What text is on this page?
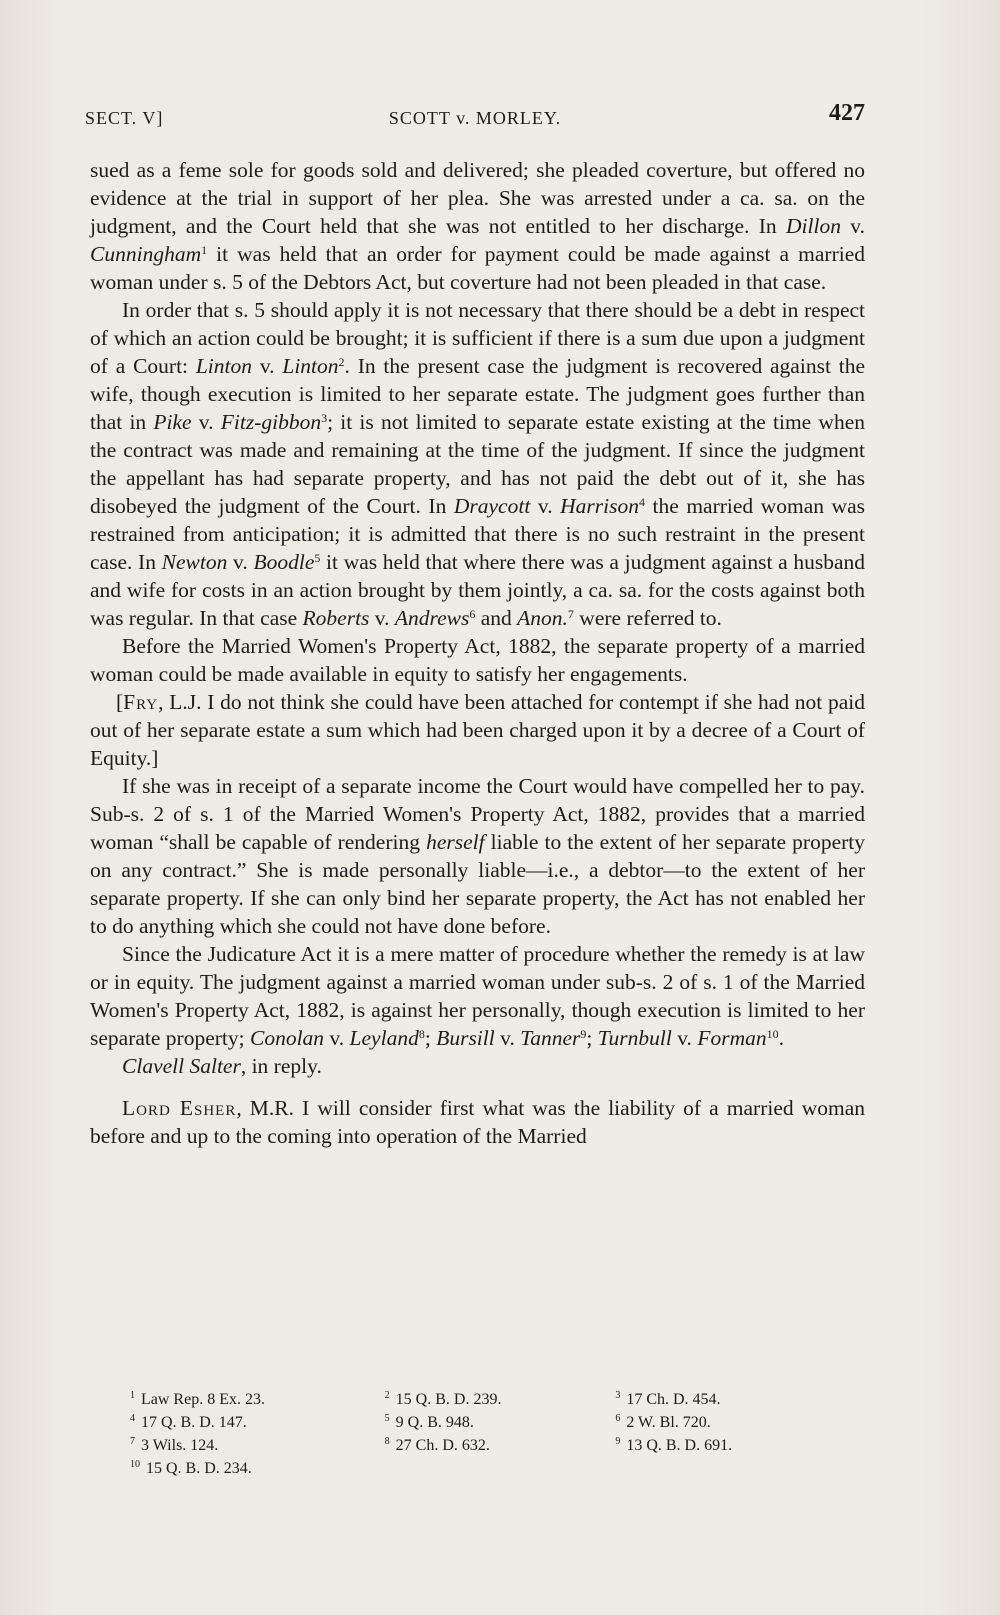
SECT. V]	SCOTT v. MORLEY.	427

sued as a feme sole for goods sold and delivered; she pleaded coverture, but offered no evidence at the trial in support of her plea. She was arrested under a ca. sa. on the judgment, and the Court held that she was not entitled to her discharge. In Dillon v. Cunningham$^1$ it was held that an order for payment could be made against a married woman under s. 5 of the Debtors Act, but coverture had not been pleaded in that case.

In order that s. 5 should apply it is not necessary that there should be a debt in respect of which an action could be brought; it is sufficient if there is a sum due upon a judgment of a Court: Linton v. Linton$^2$. In the present case the judgment is recovered against the wife, though execution is limited to her separate estate. The judgment goes further than that in Pike v. Fitz-gibbon$^3$; it is not limited to separate estate existing at the time when the contract was made and remaining at the time of the judgment. If since the judgment the appellant has had separate property, and has not paid the debt out of it, she has disobeyed the judgment of the Court. In Draycott v. Harrison$^4$ the married woman was restrained from anticipation; it is admitted that there is no such restraint in the present case. In Newton v. Boodle$^5$ it was held that where there was a judgment against a husband and wife for costs in an action brought by them jointly, a ca. sa. for the costs against both was regular. In that case Roberts v. Andrews$^6$ and Anon.$^7$ were referred to.

Before the Married Women's Property Act, 1882, the separate property of a married woman could be made available in equity to satisfy her engagements.

[Fry, L.J. I do not think she could have been attached for contempt if she had not paid out of her separate estate a sum which had been charged upon it by a decree of a Court of Equity.]

If she was in receipt of a separate income the Court would have compelled her to pay. Sub-s. 2 of s. 1 of the Married Women's Property Act, 1882, provides that a married woman “shall be capable of rendering herself liable to the extent of her separate property on any contract.” She is made personally liable—i.e., a debtor—to the extent of her separate property. If she can only bind her separate property, the Act has not enabled her to do anything which she could not have done before.

Since the Judicature Act it is a mere matter of procedure whether the remedy is at law or in equity. The judgment against a married woman under sub-s. 2 of s. 1 of the Married Women's Property Act, 1882, is against her personally, though execution is limited to her separate property; Conolan v. Leyland$^8$; Bursill v. Tanner$^9$; Turnbull v. Forman$^{10}$.

Clavell Salter, in reply.

Lord Esher, M.R. I will consider first what was the liability of a married woman before and up to the coming into operation of the Married

$^1$ Law Rep. 8 Ex. 23.	$^2$ 15 Q. B. D. 239.	$^3$ 17 Ch. D. 454.
$^4$ 17 Q. B. D. 147.	$^5$ 9 Q. B. 948.	$^6$ 2 W. Bl. 720.
$^7$ 3 Wils. 124.	$^8$ 27 Ch. D. 632.	$^9$ 13 Q. B. D. 691.
$^{10}$ 15 Q. B. D. 234.
